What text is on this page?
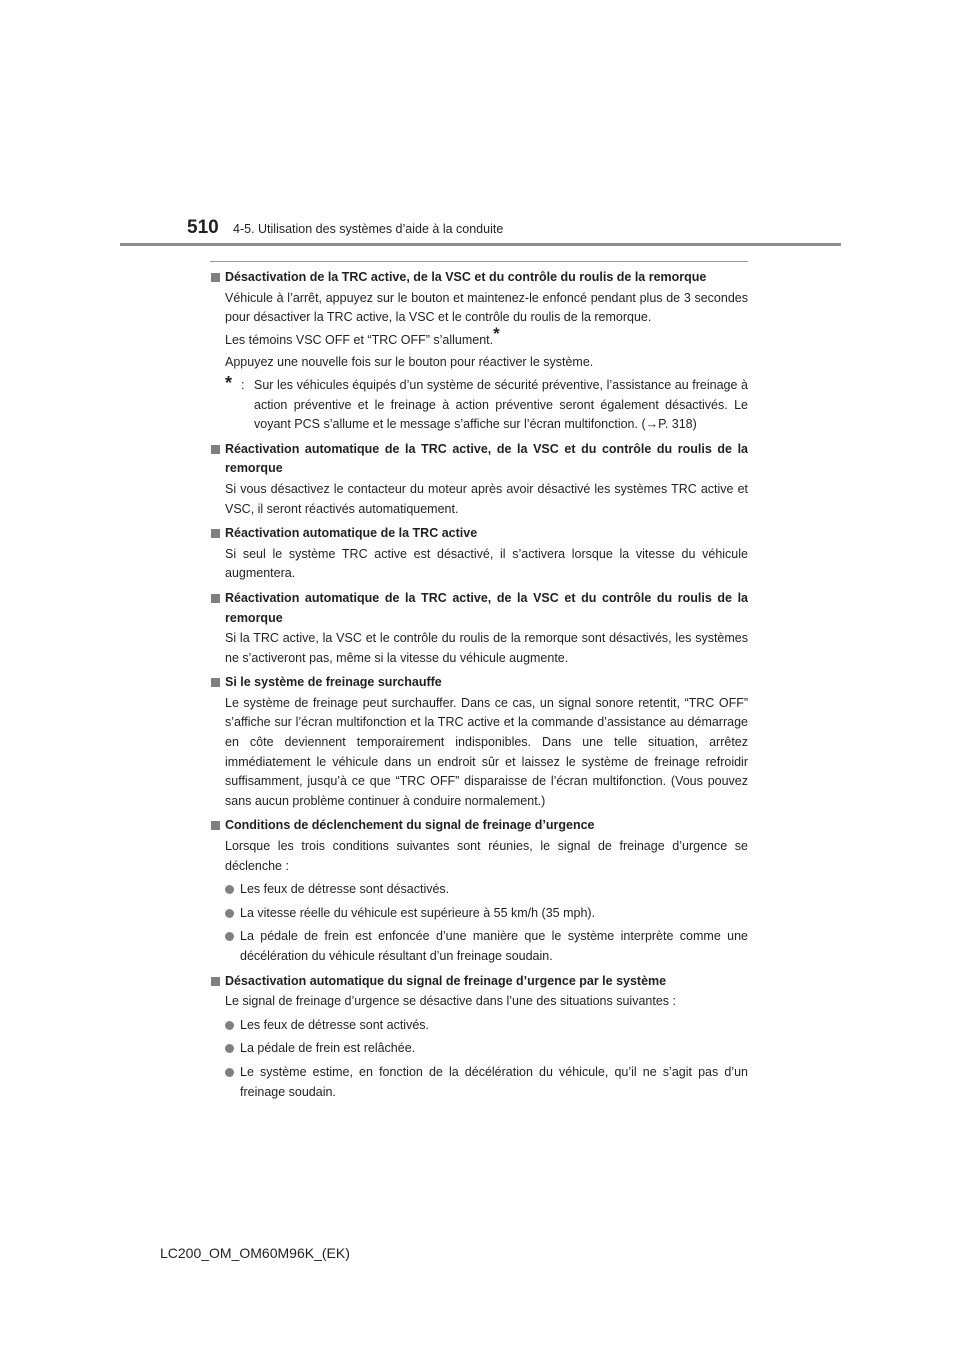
510 4-5. Utilisation des systèmes d’aide à la conduite
Désactivation de la TRC active, de la VSC et du contrôle du roulis de la remorque
Véhicule à l’arrêt, appuyez sur le bouton et maintenez-le enfoncé pendant plus de 3 secondes pour désactiver la TRC active, la VSC et le contrôle du roulis de la remorque.
Les témoins VSC OFF et “TRC OFF” s’allument.*
Appuyez une nouvelle fois sur le bouton pour réactiver le système.
* : Sur les véhicules équipés d’un système de sécurité préventive, l’assistance au freinage à action préventive et le freinage à action préventive seront également désactivés. Le voyant PCS s’allume et le message s’affiche sur l’écran multifonction. (→P. 318)
Réactivation automatique de la TRC active, de la VSC et du contrôle du roulis de la remorque
Si vous désactivez le contacteur du moteur après avoir désactivé les systèmes TRC active et VSC, il seront réactivés automatiquement.
Réactivation automatique de la TRC active
Si seul le système TRC active est désactivé, il s’activera lorsque la vitesse du véhicule augmentera.
Réactivation automatique de la TRC active, de la VSC et du contrôle du roulis de la remorque
Si la TRC active, la VSC et le contrôle du roulis de la remorque sont désactivés, les systèmes ne s’activeront pas, même si la vitesse du véhicule augmente.
Si le système de freinage surchauffe
Le système de freinage peut surchauffer. Dans ce cas, un signal sonore retentit, “TRC OFF” s’affiche sur l’écran multifonction et la TRC active et la commande d’assistance au démarrage en côte deviennent temporairement indisponibles. Dans une telle situation, arrêtez immédiatement le véhicule dans un endroit sûr et laissez le système de freinage refroidir suffisamment, jusqu’à ce que “TRC OFF” disparaisse de l’écran multifonction. (Vous pouvez sans aucun problème continuer à conduire normalement.)
Conditions de déclenchement du signal de freinage d’urgence
Lorsque les trois conditions suivantes sont réunies, le signal de freinage d’urgence se déclenche :
Les feux de détresse sont désactivés.
La vitesse réelle du véhicule est supérieure à 55 km/h (35 mph).
La pédale de frein est enfoncée d’une manière que le système interprète comme une décélération du véhicule résultant d’un freinage soudain.
Désactivation automatique du signal de freinage d’urgence par le système
Le signal de freinage d’urgence se désactive dans l’une des situations suivantes :
Les feux de détresse sont activés.
La pédale de frein est relâchée.
Le système estime, en fonction de la décélération du véhicule, qu’il ne s’agit pas d’un freinage soudain.
LC200_OM_OM60M96K_(EK)
